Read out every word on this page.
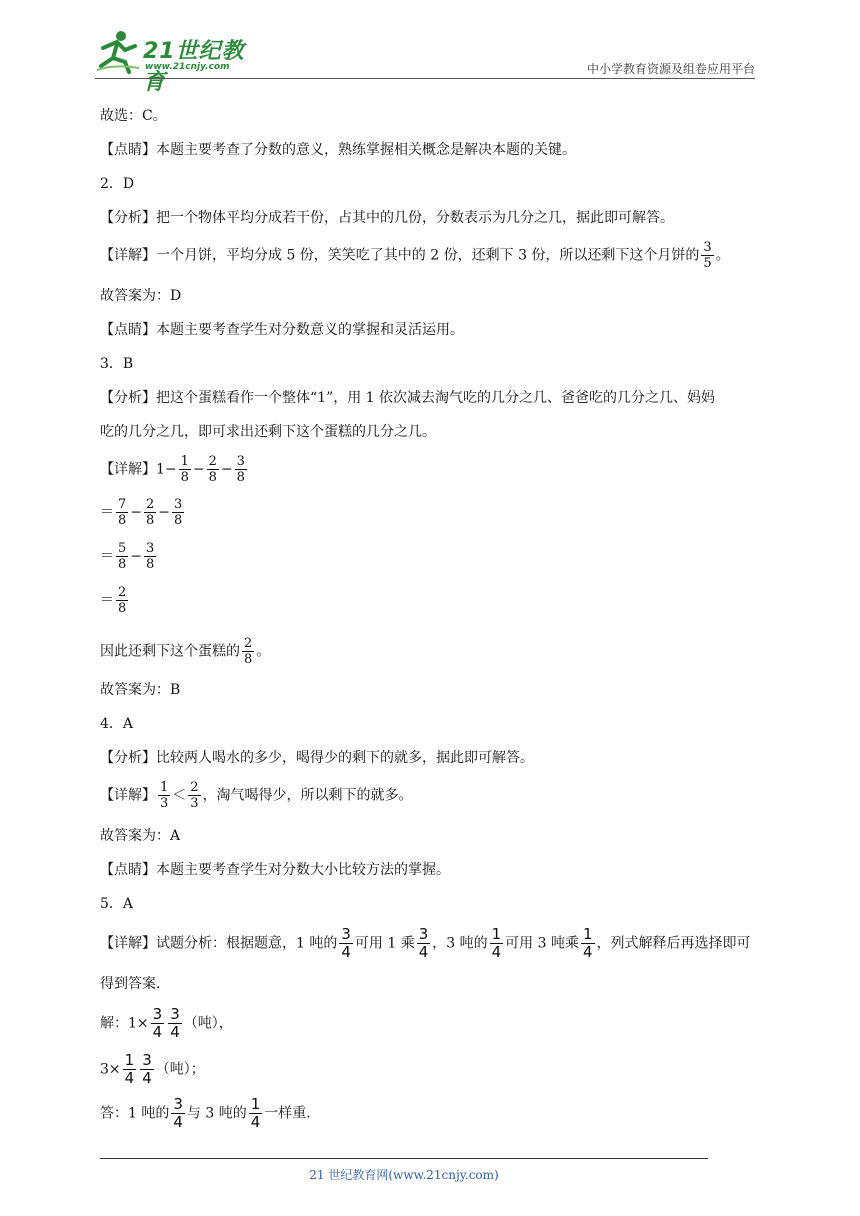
21世纪教育
www.21cnjy.com	中小学教育资源及组卷应用平台
故选：C。
【点睛】本题主要考查了分数的意义，熟练掌握相关概念是解决本题的关键。
2．D
【分析】把一个物体平均分成若干份，占其中的几份，分数表示为几分之几，据此即可解答。
【详解】一个月饼，平均分成 5 份，笑笑吃了其中的 2 份，还剩下 3 份，所以还剩下这个月饼的 $\frac{3}{5}$ 。
故答案为：D
【点睛】本题主要考查学生对分数意义的掌握和灵活运用。
3．B
【分析】把这个蛋糕看作一个整体“1”，用 1 依次减去淘气吃的几分之几、爸爸吃的几分之几、妈妈
吃的几分之几，即可求出还剩下这个蛋糕的几分之几。
【详解】$1- \frac{1}{8} - \frac{2}{8} - \frac{3}{8}$
＝ $\frac{7}{8} - \frac{2}{8} - \frac{3}{8}$
＝ $\frac{5}{8} - \frac{3}{8}$
＝ $\frac{2}{8}$
因此还剩下这个蛋糕的 $\frac{2}{8}$ 。
故答案为：B
4．A
【分析】比较两人喝水的多少，喝得少的剩下的就多，据此即可解答。
【详解】 $\frac{1}{3} < \frac{2}{3}$ ，淘气喝得少，所以剩下的就多。
故答案为：A
【点睛】本题主要考查学生对分数大小比较方法的掌握。
5．A
【详解】试题分析：根据题意，1 吨的 $\frac{3}{4}$ 可用 1 乘 $\frac{3}{4}$ ，3 吨的 $\frac{1}{4}$ 可用 3 吨乘 $\frac{1}{4}$ ，列式解释后再选择即可
得到答案．
解：$1\times \frac{3}{4} \frac{3}{4}$ （吨），
$3\times \frac{1}{4} \frac{3}{4}$ （吨）；
答：1 吨的 $\frac{3}{4}$ 与 3 吨的 $\frac{1}{4}$ 一样重．
21 世纪教育网(www.21cnjy.com)
